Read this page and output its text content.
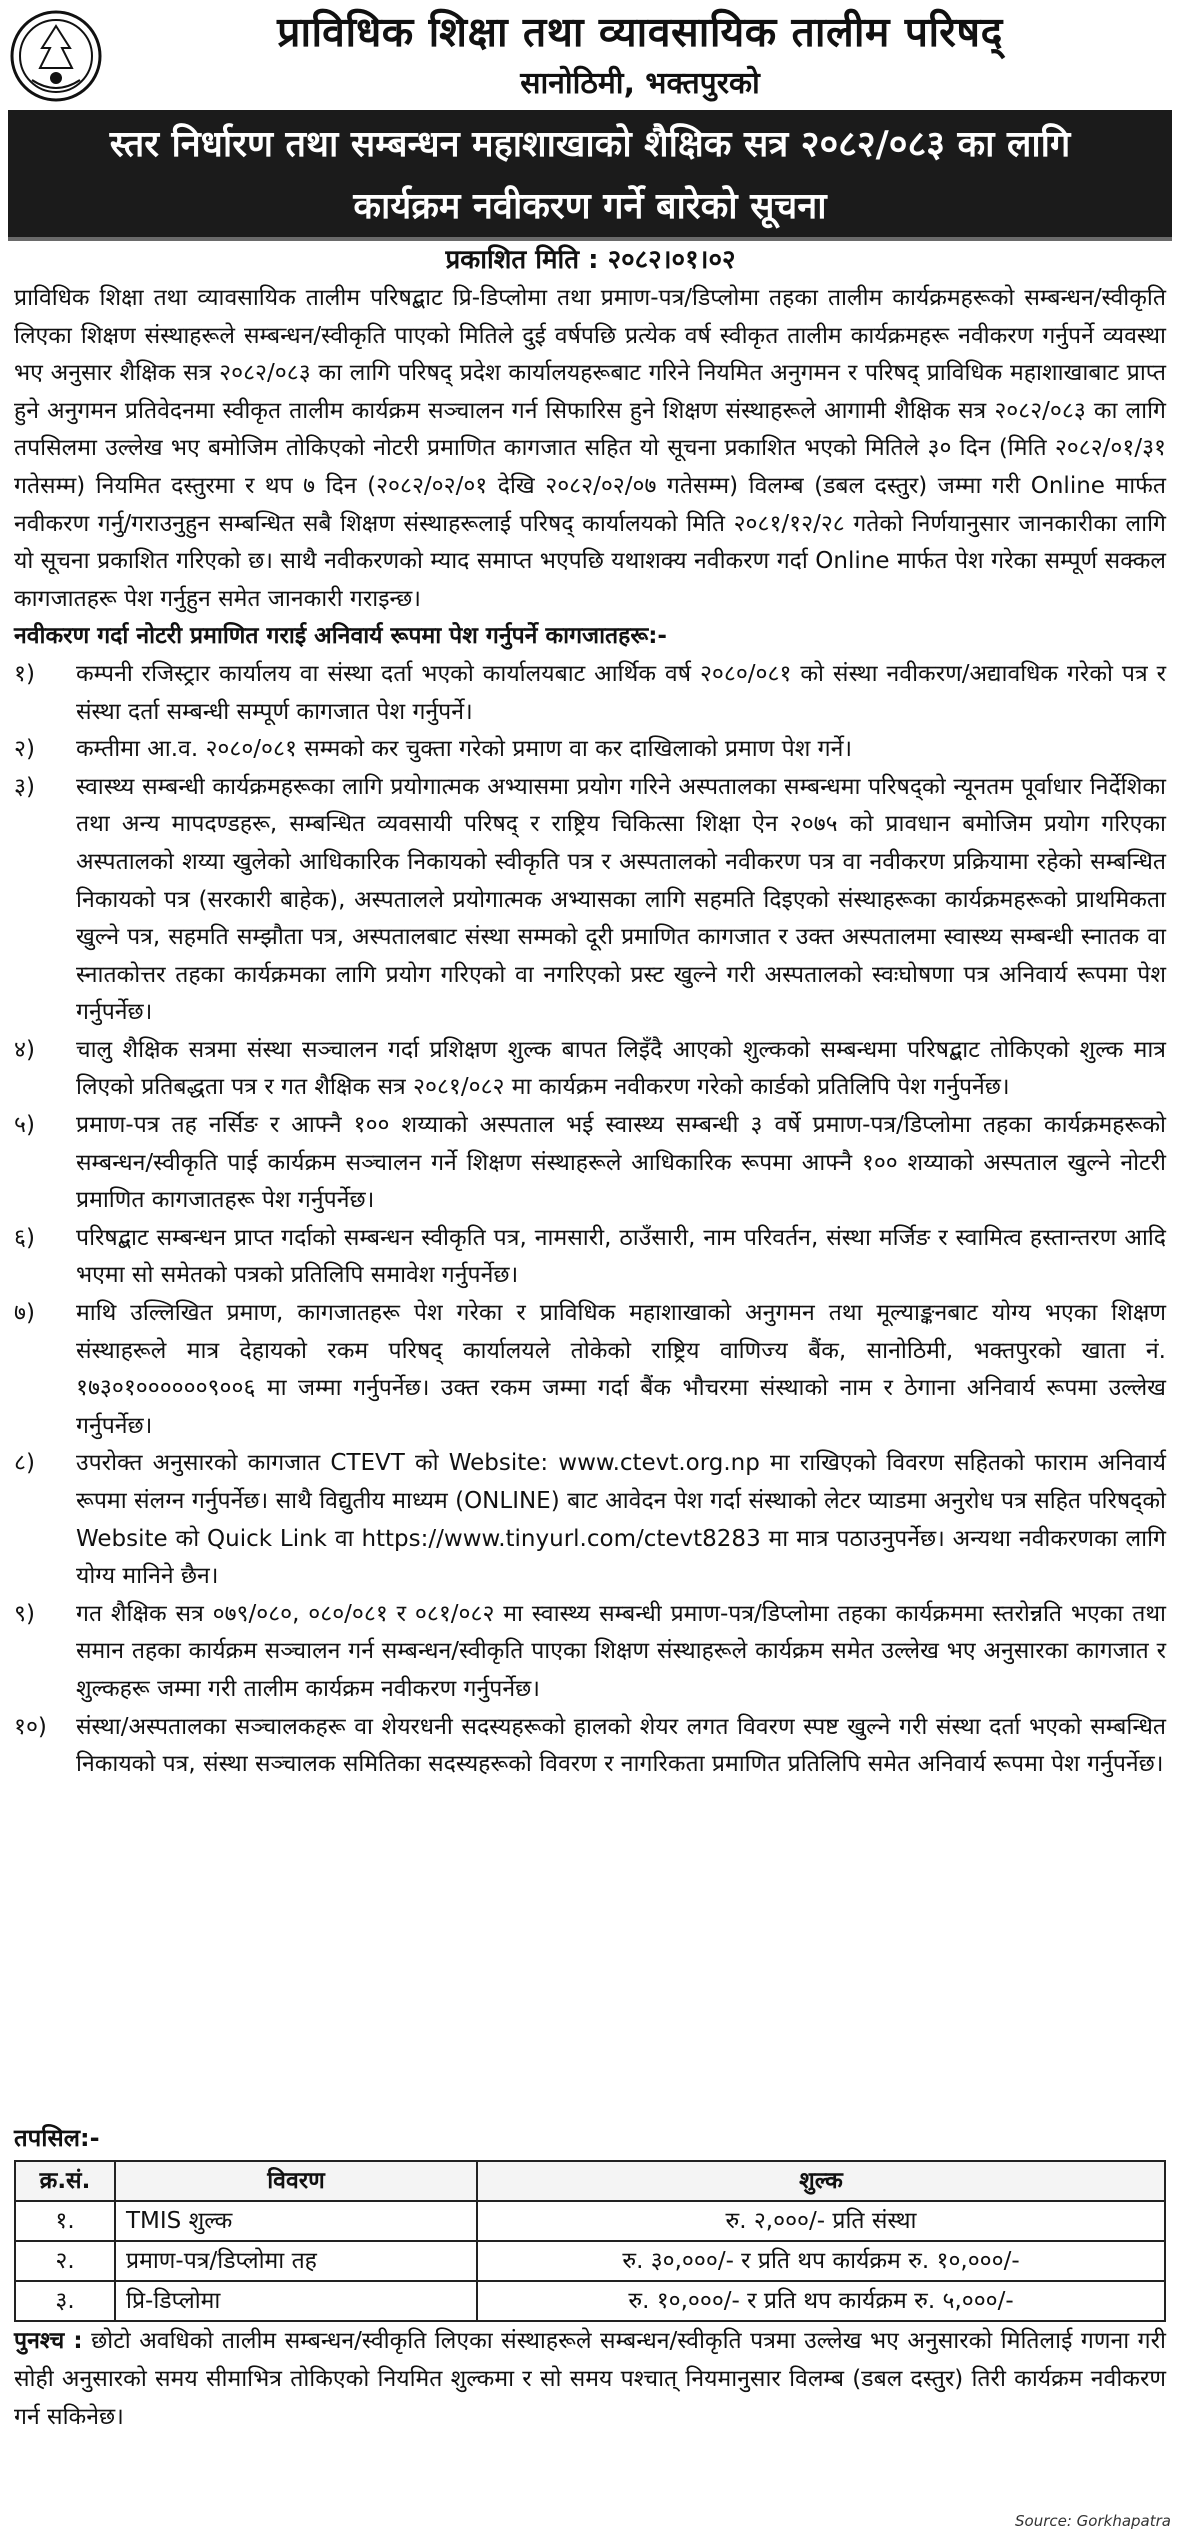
प्राविधिक शिक्षा तथा व्यावसायिक तालीम परिषद्
सानोठिमी, भक्तपुरको
स्तर निर्धारण तथा सम्बन्धन महाशाखाको शैक्षिक सत्र २०८२/०८३ का लागि
कार्यक्रम नवीकरण गर्ने बारेको सूचना
प्रकाशित मिति : २०८२।०१।०२

प्राविधिक शिक्षा तथा व्यावसायिक तालीम परिषद्बाट प्रि-डिप्लोमा तथा प्रमाण-पत्र/डिप्लोमा तहका तालीम कार्यक्रमहरूको सम्बन्धन/स्वीकृति लिएका शिक्षण संस्थाहरूले सम्बन्धन/स्वीकृति पाएको मितिले दुई वर्षपछि प्रत्येक वर्ष स्वीकृत तालीम कार्यक्रमहरू नवीकरण गर्नुपर्ने व्यवस्था भए अनुसार शैक्षिक सत्र २०८२/०८३ का लागि परिषद् प्रदेश कार्यालयहरूबाट गरिने नियमित अनुगमन र परिषद् प्राविधिक महाशाखाबाट प्राप्त हुने अनुगमन प्रतिवेदनमा स्वीकृत तालीम कार्यक्रम सञ्चालन गर्न सिफारिस हुने शिक्षण संस्थाहरूले आगामी शैक्षिक सत्र २०८२/०८३ का लागि तपसिलमा उल्लेख भए बमोजिम तोकिएको नोटरी प्रमाणित कागजात सहित यो सूचना प्रकाशित भएको मितिले ३० दिन (मिति २०८२/०१/३१ गतेसम्म) नियमित दस्तुरमा र थप ७ दिन (२०८२/०२/०१ देखि २०८२/०२/०७ गतेसम्म) विलम्ब (डबल दस्तुर) जम्मा गरी Online मार्फत नवीकरण गर्नु/गराउनुहुन सम्बन्धित सबै शिक्षण संस्थाहरूलाई परिषद् कार्यालयको मिति २०८१/१२/२८ गतेको निर्णयानुसार जानकारीका लागि यो सूचना प्रकाशित गरिएको छ। साथै नवीकरणको म्याद समाप्त भएपछि यथाशक्य नवीकरण गर्दा Online मार्फत पेश गरेका सम्पूर्ण सक्कल कागजातहरू पेश गर्नुहुन समेत जानकारी गराइन्छ।

नवीकरण गर्दा नोटरी प्रमाणित गराई अनिवार्य रूपमा पेश गर्नुपर्ने कागजातहरू:-

१)	कम्पनी रजिस्ट्रार कार्यालय वा संस्था दर्ता भएको कार्यालयबाट आर्थिक वर्ष २०८०/०८१ को संस्था नवीकरण/अद्यावधिक गरेको पत्र र संस्था दर्ता सम्बन्धी सम्पूर्ण कागजात पेश गर्नुपर्ने।
२)	कम्तीमा आ.व. २०८०/०८१ सम्मको कर चुक्ता गरेको प्रमाण वा कर दाखिलाको प्रमाण पेश गर्ने।
३)	स्वास्थ्य सम्बन्धी कार्यक्रमहरूका लागि प्रयोगात्मक अभ्यासमा प्रयोग गरिने अस्पतालका सम्बन्धमा परिषद्को न्यूनतम पूर्वाधार निर्देशिका तथा अन्य मापदण्डहरू, सम्बन्धित व्यवसायी परिषद् र राष्ट्रिय चिकित्सा शिक्षा ऐन २०७५ को प्रावधान बमोजिम प्रयोग गरिएका अस्पतालको शय्या खुलेको आधिकारिक निकायको स्वीकृति पत्र र अस्पतालको नवीकरण पत्र वा नवीकरण प्रक्रियामा रहेको सम्बन्धित निकायको पत्र (सरकारी बाहेक), अस्पतालले प्रयोगात्मक अभ्यासका लागि सहमति दिइएको संस्थाहरूका कार्यक्रमहरूको प्राथमिकता खुल्ने पत्र, सहमति सम्झौता पत्र, अस्पतालबाट संस्था सम्मको दूरी प्रमाणित कागजात र उक्त अस्पतालमा स्वास्थ्य सम्बन्धी स्नातक वा स्नातकोत्तर तहका कार्यक्रमका लागि प्रयोग गरिएको वा नगरिएको प्रस्ट खुल्ने गरी अस्पतालको स्वःघोषणा पत्र अनिवार्य रूपमा पेश गर्नुपर्नेछ।
४)	चालु शैक्षिक सत्रमा संस्था सञ्चालन गर्दा प्रशिक्षण शुल्क बापत लिइँदै आएको शुल्कको सम्बन्धमा परिषद्बाट तोकिएको शुल्क मात्र लिएको प्रतिबद्धता पत्र र गत शैक्षिक सत्र २०८१/०८२ मा कार्यक्रम नवीकरण गरेको कार्डको प्रतिलिपि पेश गर्नुपर्नेछ।
५)	प्रमाण-पत्र तह नर्सिङ र आफ्नै १०० शय्याको अस्पताल भई स्वास्थ्य सम्बन्धी ३ वर्षे प्रमाण-पत्र/डिप्लोमा तहका कार्यक्रमहरूको सम्बन्धन/स्वीकृति पाई कार्यक्रम सञ्चालन गर्ने शिक्षण संस्थाहरूले आधिकारिक रूपमा आफ्नै १०० शय्याको अस्पताल खुल्ने नोटरी प्रमाणित कागजातहरू पेश गर्नुपर्नेछ।
६)	परिषद्बाट सम्बन्धन प्राप्त गर्दाको सम्बन्धन स्वीकृति पत्र, नामसारी, ठाउँसारी, नाम परिवर्तन, संस्था मर्जिङ र स्वामित्व हस्तान्तरण आदि भएमा सो समेतको पत्रको प्रतिलिपि समावेश गर्नुपर्नेछ।
७)	माथि उल्लिखित प्रमाण, कागजातहरू पेश गरेका र प्राविधिक महाशाखाको अनुगमन तथा मूल्याङ्कनबाट योग्य भएका शिक्षण संस्थाहरूले मात्र देहायको रकम परिषद् कार्यालयले तोकेको राष्ट्रिय वाणिज्य बैंक, सानोठिमी, भक्तपुरको खाता नं. १७३०१००००००९००६ मा जम्मा गर्नुपर्नेछ। उक्त रकम जम्मा गर्दा बैंक भौचरमा संस्थाको नाम र ठेगाना अनिवार्य रूपमा उल्लेख गर्नुपर्नेछ।
८)	उपरोक्त अनुसारको कागजात CTEVT को Website: www.ctevt.org.np मा राखिएको विवरण सहितको फाराम अनिवार्य रूपमा संलग्न गर्नुपर्नेछ। साथै विद्युतीय माध्यम (ONLINE) बाट आवेदन पेश गर्दा संस्थाको लेटर प्याडमा अनुरोध पत्र सहित परिषद्को Website को Quick Link वा https://www.tinyurl.com/ctevt8283 मा मात्र पठाउनुपर्नेछ। अन्यथा नवीकरणका लागि योग्य मानिने छैन।
९)	गत शैक्षिक सत्र ०७९/०८०, ०८०/०८१ र ०८१/०८२ मा स्वास्थ्य सम्बन्धी प्रमाण-पत्र/डिप्लोमा तहका कार्यक्रममा स्तरोन्नति भएका तथा समान तहका कार्यक्रम सञ्चालन गर्न सम्बन्धन/स्वीकृति पाएका शिक्षण संस्थाहरूले कार्यक्रम समेत उल्लेख भए अनुसारका कागजात र शुल्कहरू जम्मा गरी तालीम कार्यक्रम नवीकरण गर्नुपर्नेछ।
१०)	संस्था/अस्पतालका सञ्चालकहरू वा शेयरधनी सदस्यहरूको हालको शेयर लगत विवरण स्पष्ट खुल्ने गरी संस्था दर्ता भएको सम्बन्धित निकायको पत्र, संस्था सञ्चालक समितिका सदस्यहरूको विवरण र नागरिकता प्रमाणित प्रतिलिपि समेत अनिवार्य रूपमा पेश गर्नुपर्नेछ।
तपसिल:-
क्र.सं.	विवरण	शुल्क
१.	TMIS शुल्क	रु. २,०००/- प्रति संस्था
२.	प्रमाण-पत्र/डिप्लोमा तह	रु. ३०,०००/- र प्रति थप कार्यक्रम रु. १०,०००/-
३.	प्रि-डिप्लोमा	रु. १०,०००/- र प्रति थप कार्यक्रम रु. ५,०००/-
पुनश्च : छोटो अवधिको तालीम सम्बन्धन/स्वीकृति लिएका संस्थाहरूले सम्बन्धन/स्वीकृति पत्रमा उल्लेख भए अनुसारको मितिलाई गणना गरी सोही अनुसारको समय सीमाभित्र तोकिएको नियमित शुल्कमा र सो समय पश्चात् नियमानुसार विलम्ब (डबल दस्तुर) तिरी कार्यक्रम नवीकरण गर्न सकिनेछ।
Source: Gorkhapatra
